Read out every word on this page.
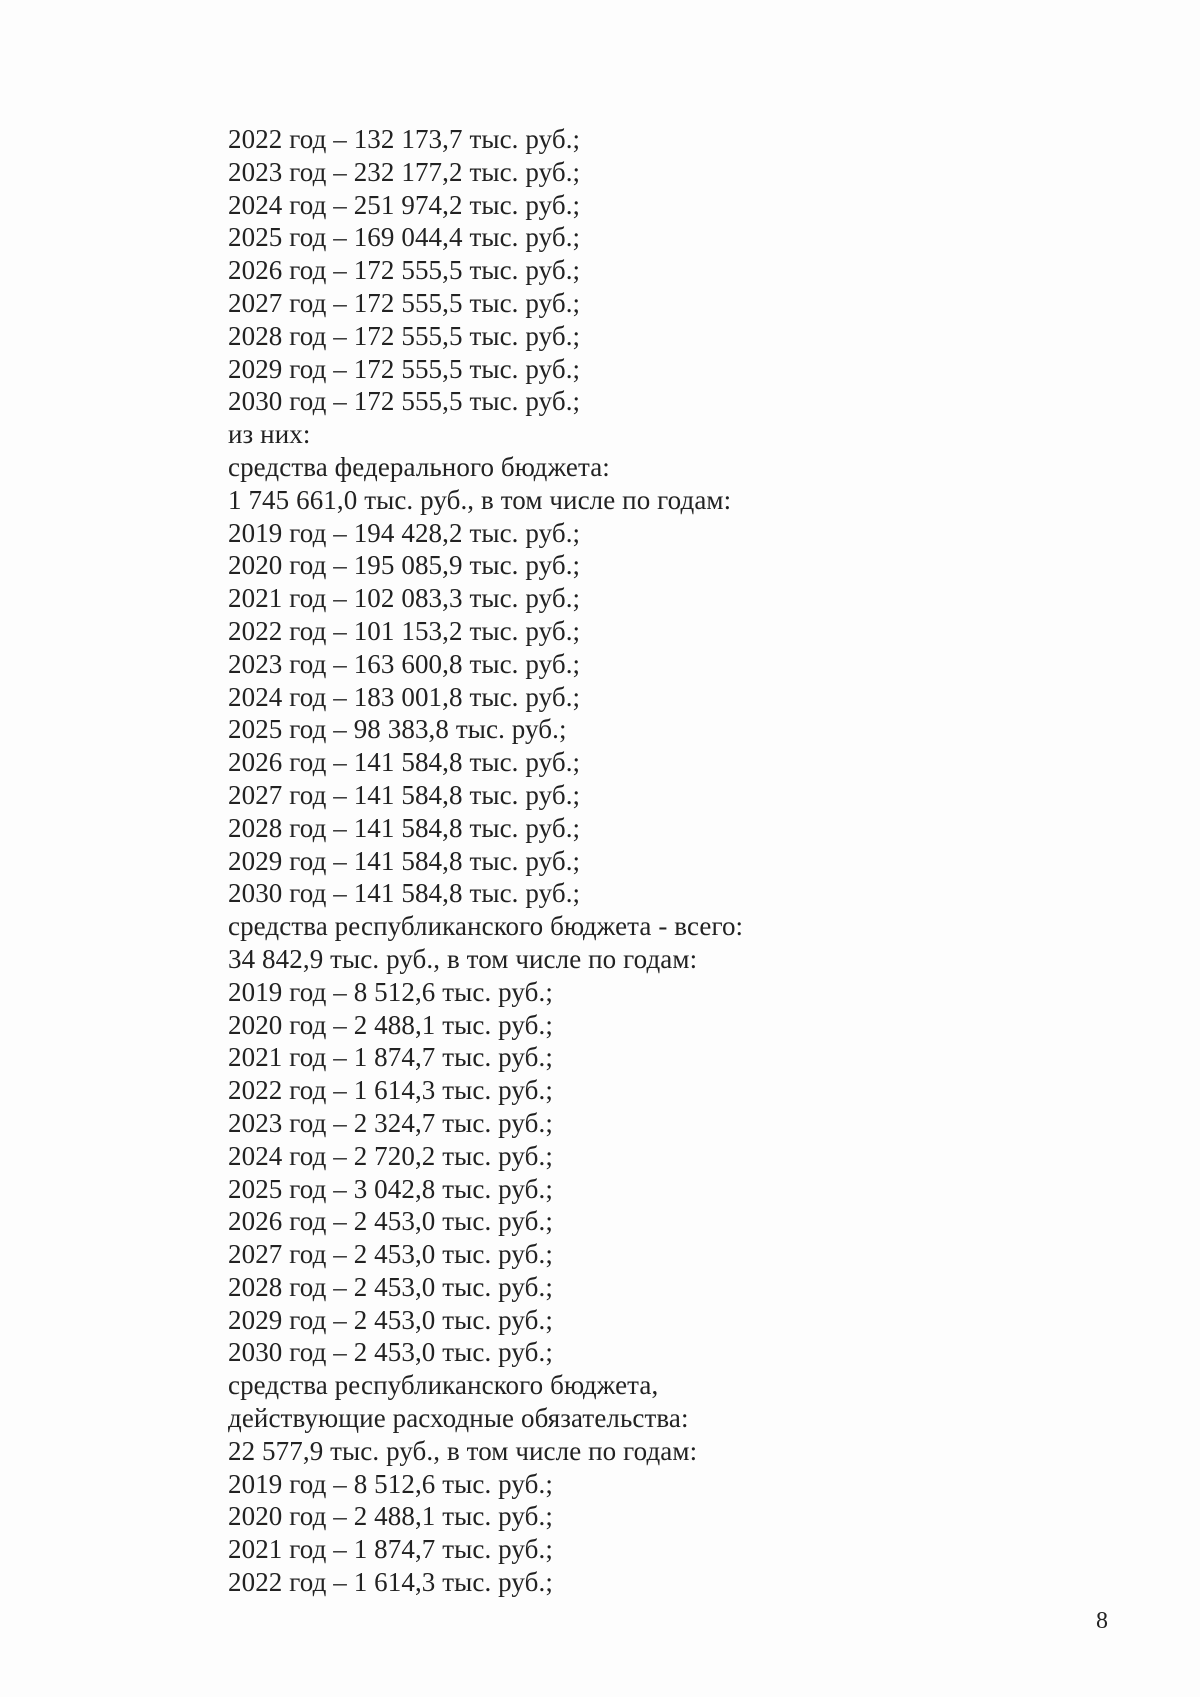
2022 год – 132 173,7 тыс. руб.;
2023 год – 232 177,2 тыс. руб.;
2024 год – 251 974,2 тыс. руб.;
2025 год – 169 044,4 тыс. руб.;
2026 год – 172 555,5 тыс. руб.;
2027 год – 172 555,5 тыс. руб.;
2028 год – 172 555,5 тыс. руб.;
2029 год – 172 555,5 тыс. руб.;
2030 год – 172 555,5 тыс. руб.;
из них:
средства федерального бюджета:
1 745 661,0 тыс. руб., в том числе по годам:
2019 год – 194 428,2 тыс. руб.;
2020 год – 195 085,9 тыс. руб.;
2021 год – 102 083,3 тыс. руб.;
2022 год – 101 153,2 тыс. руб.;
2023 год – 163 600,8 тыс. руб.;
2024 год – 183 001,8 тыс. руб.;
2025 год – 98 383,8 тыс. руб.;
2026 год – 141 584,8 тыс. руб.;
2027 год – 141 584,8 тыс. руб.;
2028 год – 141 584,8 тыс. руб.;
2029 год – 141 584,8 тыс. руб.;
2030 год – 141 584,8 тыс. руб.;
средства республиканского бюджета - всего:
34 842,9 тыс. руб., в том числе по годам:
2019 год – 8 512,6 тыс. руб.;
2020 год – 2 488,1 тыс. руб.;
2021 год – 1 874,7 тыс. руб.;
2022 год – 1 614,3 тыс. руб.;
2023 год – 2 324,7 тыс. руб.;
2024 год – 2 720,2 тыс. руб.;
2025 год – 3 042,8 тыс. руб.;
2026 год – 2 453,0 тыс. руб.;
2027 год – 2 453,0 тыс. руб.;
2028 год – 2 453,0 тыс. руб.;
2029 год – 2 453,0 тыс. руб.;
2030 год – 2 453,0 тыс. руб.;
средства республиканского бюджета,
действующие расходные обязательства:
22 577,9 тыс. руб., в том числе по годам:
2019 год – 8 512,6 тыс. руб.;
2020 год – 2 488,1 тыс. руб.;
2021 год – 1 874,7 тыс. руб.;
2022 год – 1 614,3 тыс. руб.;
8
